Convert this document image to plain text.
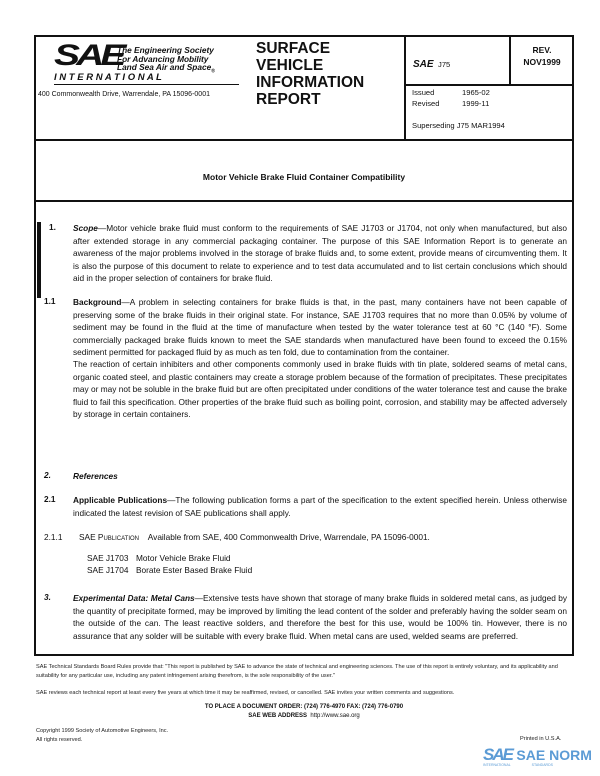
SAE
The Engineering Society
For Advancing Mobility
Land Sea Air and Space$_®$
I N T E R N A T I O N A L
400 Commonwealth Drive, Warrendale, PA 15096-0001
SURFACE
VEHICLE
INFORMATION
REPORT
SAE J75
REV.
NOV1999
Issued	1965-02
Revised	1999-11
Superseding J75 MAR1994
Motor Vehicle Brake Fluid Container Compatibility
1. Scope—Motor vehicle brake fluid must conform to the requirements of SAE J1703 or J1704, not only when manufactured, but also after extended storage in any commercial packaging container. The purpose of this SAE Information Report is to generate an awareness of the major problems involved in the storage of brake fluids and, to some extent, provide means of circumventing them. It is also the purpose of this document to relate to experience and to test data accumulated and to list certain conclusions which should aid in the proper selection of containers for brake fluid.
1.1 Background—A problem in selecting containers for brake fluids is that, in the past, many containers have not been capable of preserving some of the brake fluids in their original state. For instance, SAE J1703 requires that no more than 0.05% by volume of sediment may be found in the fluid at the time of manufacture when tested by the water tolerance test at 60 °C (140 °F). Some commercially packaged brake fluids known to meet the SAE standards when manufactured have been found to exceed the 0.15% sediment permitted for packaged fluid by as much as ten fold, due to contamination from the container.
The reaction of certain inhibiters and other components commonly used in brake fluids with tin plate, soldered seams of metal cans, organic coated steel, and plastic containers may create a storage problem because of the formation of precipitates. These precipitates may or may not be soluble in the brake fluid but are often precipitated under conditions of the water tolerance test and cause the brake fluid to fail this specification. Other properties of the brake fluid such as boiling point, corrosion, and stability may be affected adversely by storage in certain containers.
2.	References
2.1 Applicable Publications—The following publication forms a part of the specification to the extent specified herein. Unless otherwise indicated the latest revision of SAE publications shall apply.
2.1.1 SAE Publication Available from SAE, 400 Commonwealth Drive, Warrendale, PA 15096-0001.
SAE J1703 Motor Vehicle Brake Fluid
SAE J1704 Borate Ester Based Brake Fluid
3.	Experimental Data: Metal Cans—Extensive tests have shown that storage of many brake fluids in soldered metal cans, as judged by the quantity of precipitate formed, may be improved by limiting the lead content of the solder and preferably having the solder seam on the outside of the can. The least reactive solders, and therefore the best for this use, would be 100% tin. However, there is no assurance that any solder will be suitable with every brake fluid. When metal cans are used, welded seams are preferred.
SAE Technical Standards Board Rules provide that: "This report is published by SAE to advance the state of technical and engineering sciences. The use of this report is entirely voluntary, and its applicability and suitability for any particular use, including any patent infringement arising therefrom, is the sole responsibility of the user."
SAE reviews each technical report at least every five years at which time it may be reaffirmed, revised, or cancelled. SAE invites your written comments and suggestions.
TO PLACE A DOCUMENT ORDER: (724) 776-4970 FAX: (724) 776-0790
SAE WEB ADDRESS http://www.sae.org
Copyright 1999 Society of Automotive Engineers, Inc.
All rights reserved.	Printed in U.S.A.
SAE SAE NORM
INTERNATIONAL	STANDARDS
